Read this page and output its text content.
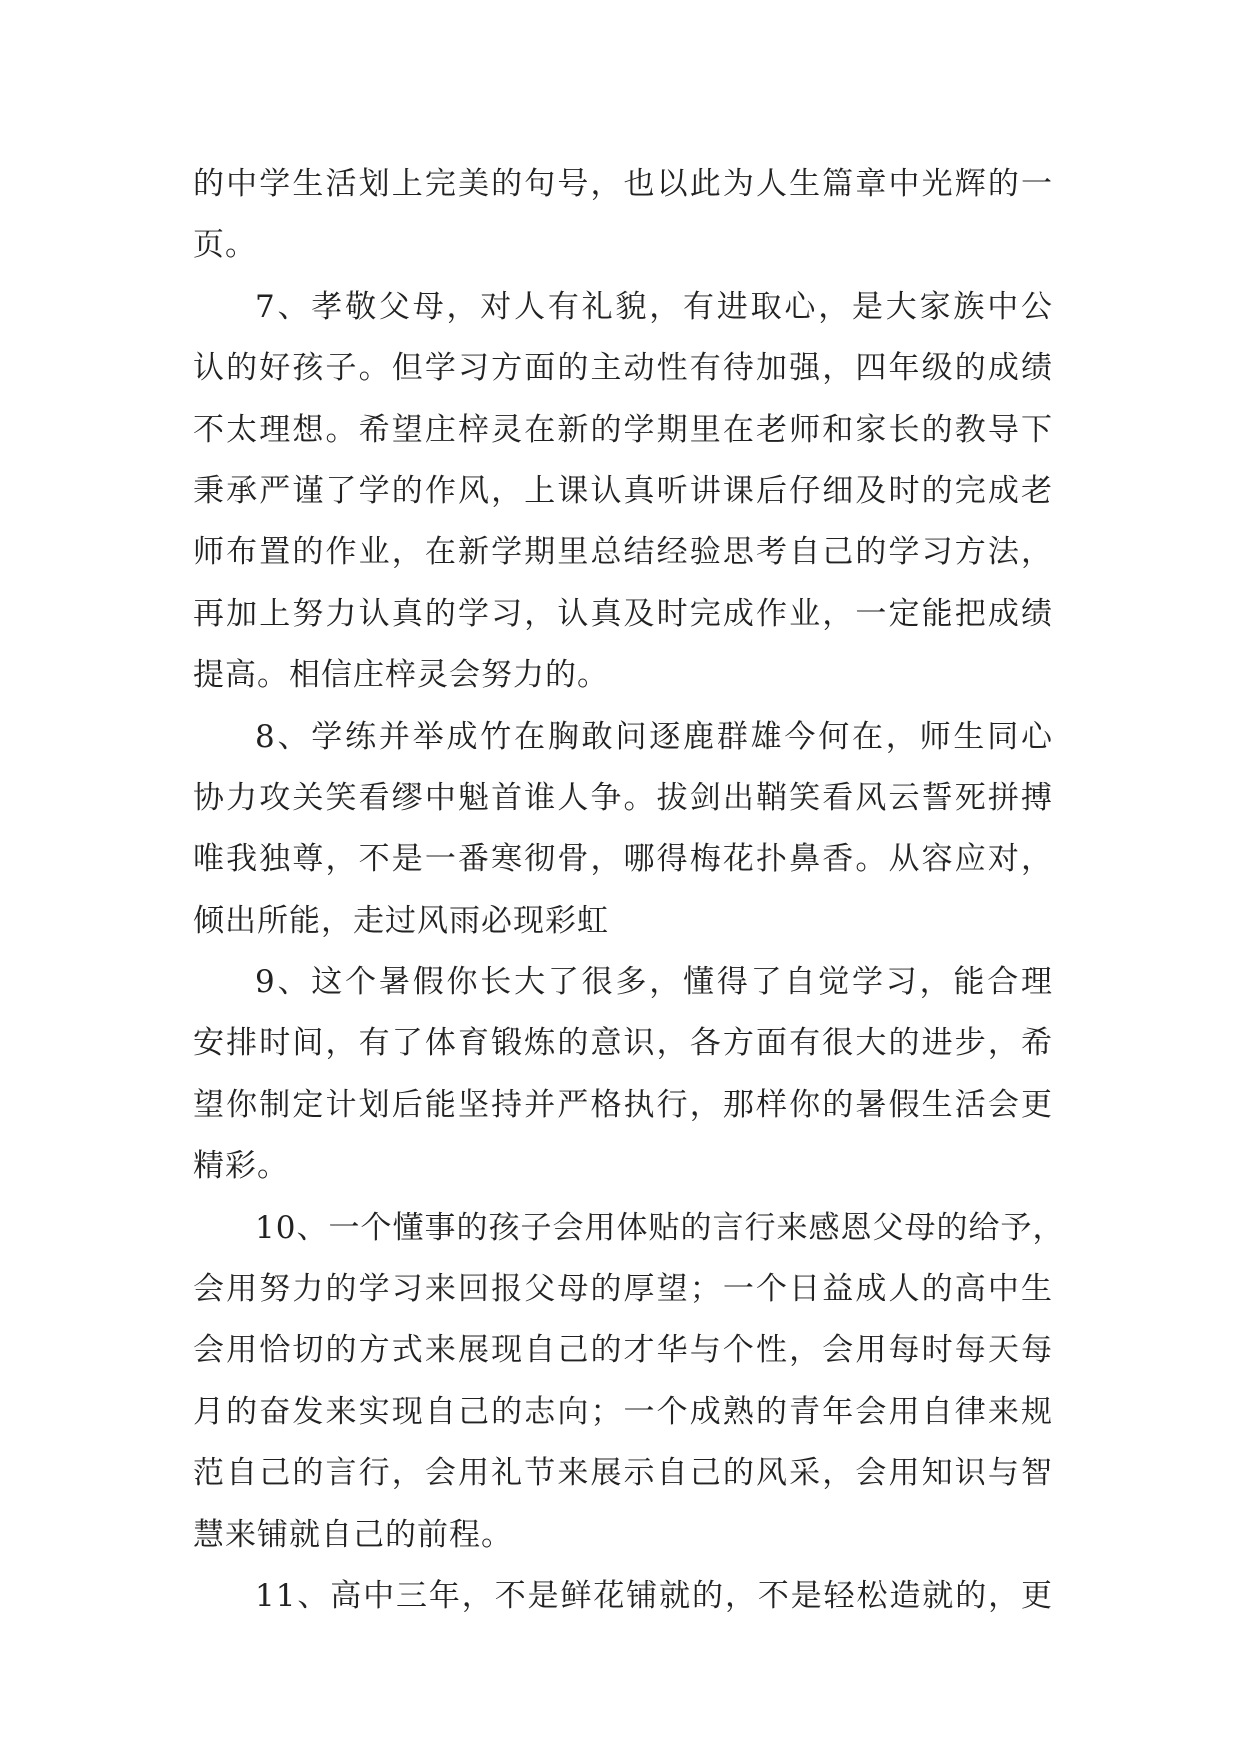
的中学生活划上完美的句号，也以此为人生篇章中光辉的一
页。
7、孝敬父母，对人有礼貌，有进取心，是大家族中公
认的好孩子。但学习方面的主动性有待加强，四年级的成绩
不太理想。希望庄梓灵在新的学期里在老师和家长的教导下
秉承严谨了学的作风，上课认真听讲课后仔细及时的完成老
师布置的作业，在新学期里总结经验思考自己的学习方法，
再加上努力认真的学习，认真及时完成作业，一定能把成绩
提高。相信庄梓灵会努力的。
8、学练并举成竹在胸敢问逐鹿群雄今何在，师生同心
协力攻关笑看缪中魁首谁人争。拔剑出鞘笑看风云誓死拼搏
唯我独尊，不是一番寒彻骨，哪得梅花扑鼻香。从容应对，
倾出所能，走过风雨必现彩虹
9、这个暑假你长大了很多，懂得了自觉学习，能合理
安排时间，有了体育锻炼的意识，各方面有很大的进步，希
望你制定计划后能坚持并严格执行，那样你的暑假生活会更
精彩。
10、一个懂事的孩子会用体贴的言行来感恩父母的给予，
会用努力的学习来回报父母的厚望；一个日益成人的高中生
会用恰切的方式来展现自己的才华与个性，会用每时每天每
月的奋发来实现自己的志向；一个成熟的青年会用自律来规
范自己的言行，会用礼节来展示自己的风采，会用知识与智
慧来铺就自己的前程。
11、高中三年，不是鲜花铺就的，不是轻松造就的，更
